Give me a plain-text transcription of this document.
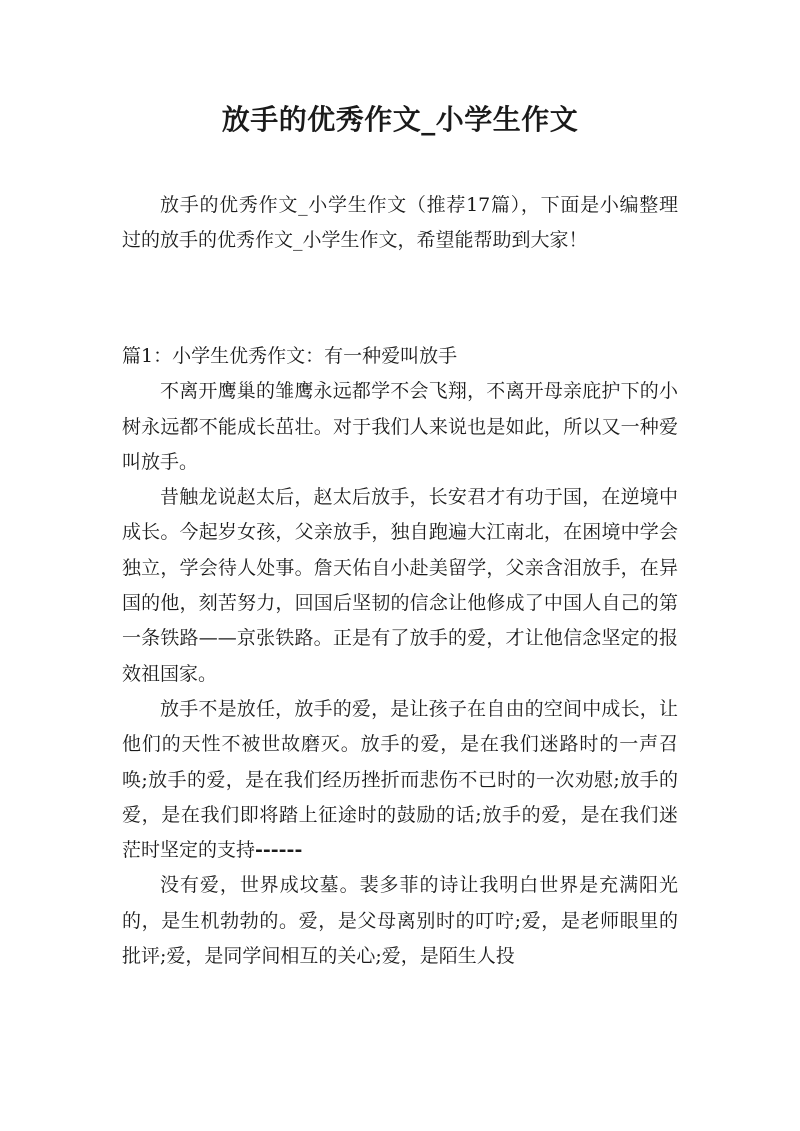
放手的优秀作文_小学生作文

放手的优秀作文_小学生作文（推荐17篇），下面是小编整理过的放手的优秀作文_小学生作文，希望能帮助到大家！

篇1：小学生优秀作文：有一种爱叫放手

不离开鹰巢的雏鹰永远都学不会飞翔，不离开母亲庇护下的小树永远都不能成长茁壮。对于我们人来说也是如此，所以又一种爱叫放手。

昔触龙说赵太后，赵太后放手，长安君才有功于国，在逆境中成长。今起岁女孩，父亲放手，独自跑遍大江南北，在困境中学会独立，学会待人处事。詹天佑自小赴美留学，父亲含泪放手，在异国的他，刻苦努力，回国后坚韧的信念让他修成了中国人自己的第一条铁路——京张铁路。正是有了放手的爱，才让他信念坚定的报效祖国家。

放手不是放任，放手的爱，是让孩子在自由的空间中成长，让他们的天性不被世故磨灭。放手的爱，是在我们迷路时的一声召唤;放手的爱，是在我们经历挫折而悲伤不已时的一次劝慰;放手的爱，是在我们即将踏上征途时的鼓励的话;放手的爱，是在我们迷茫时坚定的支持------

没有爱，世界成坟墓。裴多菲的诗让我明白世界是充满阳光的，是生机勃勃的。爱，是父母离别时的叮咛;爱，是老师眼里的批评;爱，是同学间相互的关心;爱，是陌生人投
